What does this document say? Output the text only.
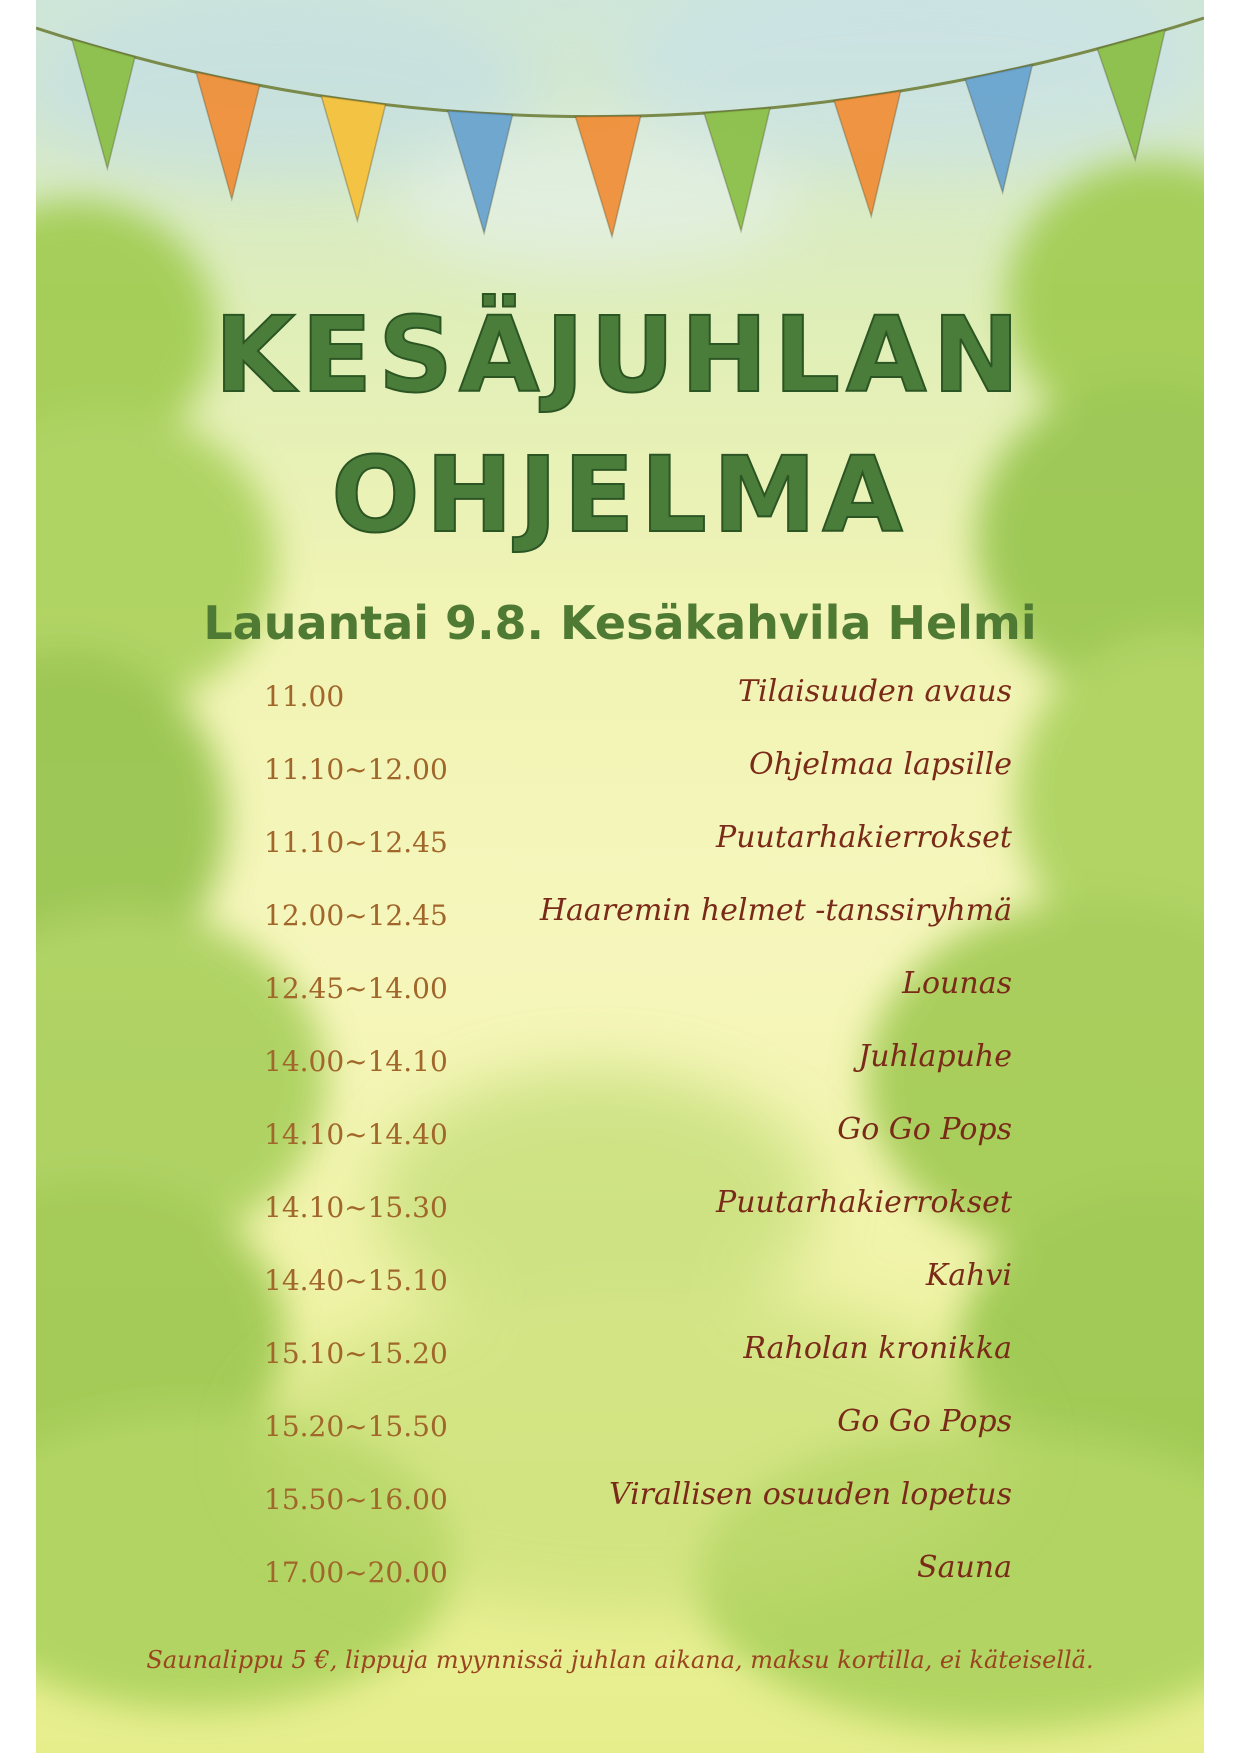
KESÄJUHLAN
OHJELMA
Lauantai 9.8. Kesäkahvila Helmi
11.00	Tilaisuuden avaus
11.10~12.00	Ohjelmaa lapsille
11.10~12.45	Puutarhakierrokset
12.00~12.45	Haaremin helmet -tanssiryhmä
12.45~14.00	Lounas
14.00~14.10	Juhlapuhe
14.10~14.40	Go Go Pops
14.10~15.30	Puutarhakierrokset
14.40~15.10	Kahvi
15.10~15.20	Raholan kronikka
15.20~15.50	Go Go Pops
15.50~16.00	Virallisen osuuden lopetus
17.00~20.00	Sauna

Saunalippu 5 €, lippuja myynnissä juhlan aikana, maksu kortilla, ei käteisellä.
